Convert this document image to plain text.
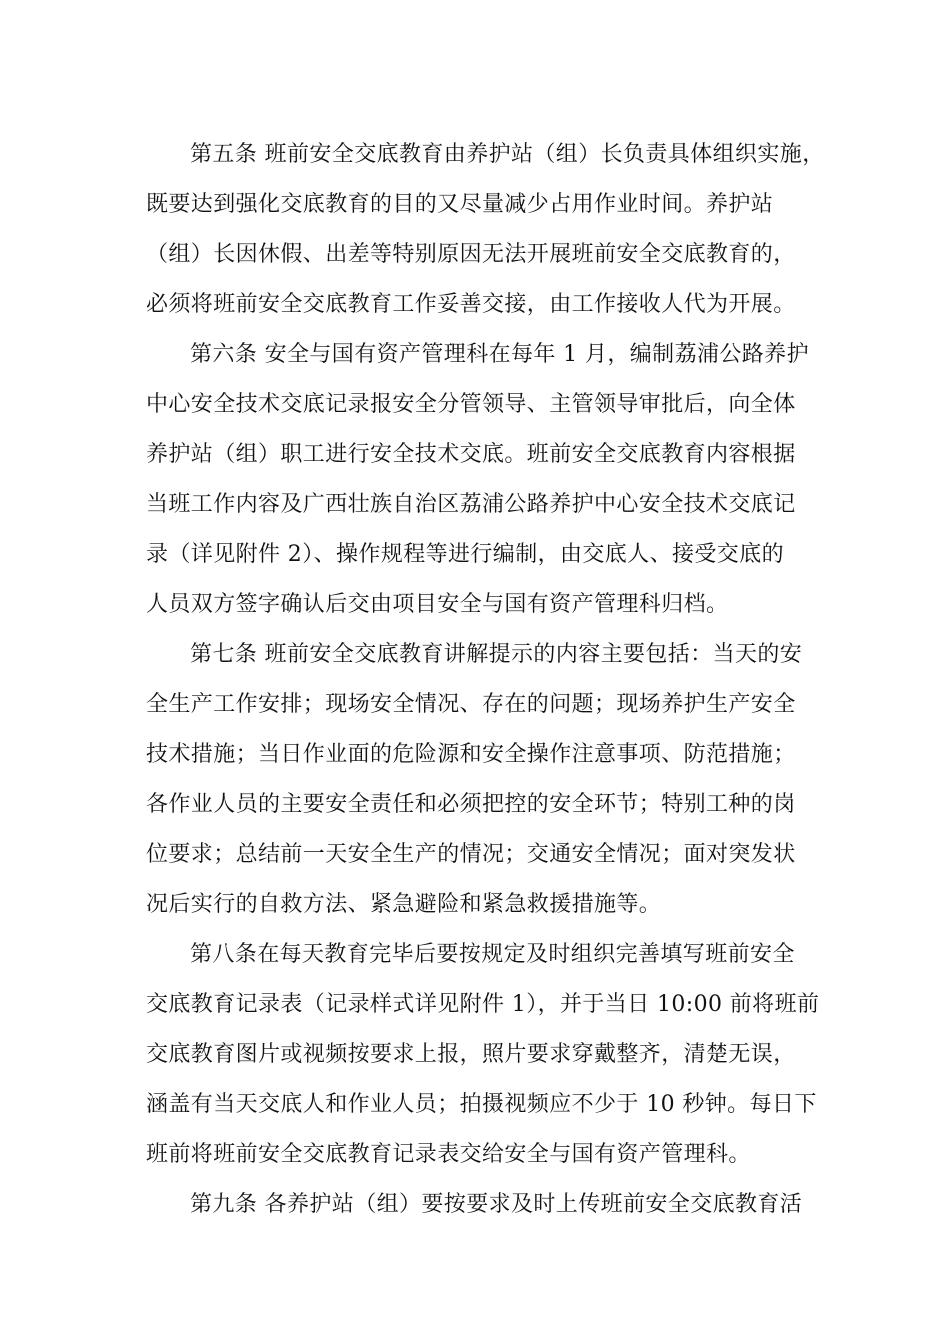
第五条 班前安全交底教育由养护站（组）长负责具体组织实施，
既要达到强化交底教育的目的又尽量减少占用作业时间。养护站
（组）长因休假、出差等特别原因无法开展班前安全交底教育的，
必须将班前安全交底教育工作妥善交接，由工作接收人代为开展。
第六条 安全与国有资产管理科在每年 1 月，编制荔浦公路养护
中心安全技术交底记录报安全分管领导、主管领导审批后，向全体
养护站（组）职工进行安全技术交底。班前安全交底教育内容根据
当班工作内容及广西壮族自治区荔浦公路养护中心安全技术交底记
录（详见附件 2）、操作规程等进行编制，由交底人、接受交底的
人员双方签字确认后交由项目安全与国有资产管理科归档。
第七条 班前安全交底教育讲解提示的内容主要包括：当天的安
全生产工作安排；现场安全情况、存在的问题；现场养护生产安全
技术措施；当日作业面的危险源和安全操作注意事项、防范措施；
各作业人员的主要安全责任和必须把控的安全环节；特别工种的岗
位要求；总结前一天安全生产的情况；交通安全情况；面对突发状
况后实行的自救方法、紧急避险和紧急救援措施等。
第八条在每天教育完毕后要按规定及时组织完善填写班前安全
交底教育记录表（记录样式详见附件 1），并于当日 10:00 前将班前
交底教育图片或视频按要求上报，照片要求穿戴整齐，清楚无误，
涵盖有当天交底人和作业人员；拍摄视频应不少于 10 秒钟。每日下
班前将班前安全交底教育记录表交给安全与国有资产管理科。
第九条 各养护站（组）要按要求及时上传班前安全交底教育活
